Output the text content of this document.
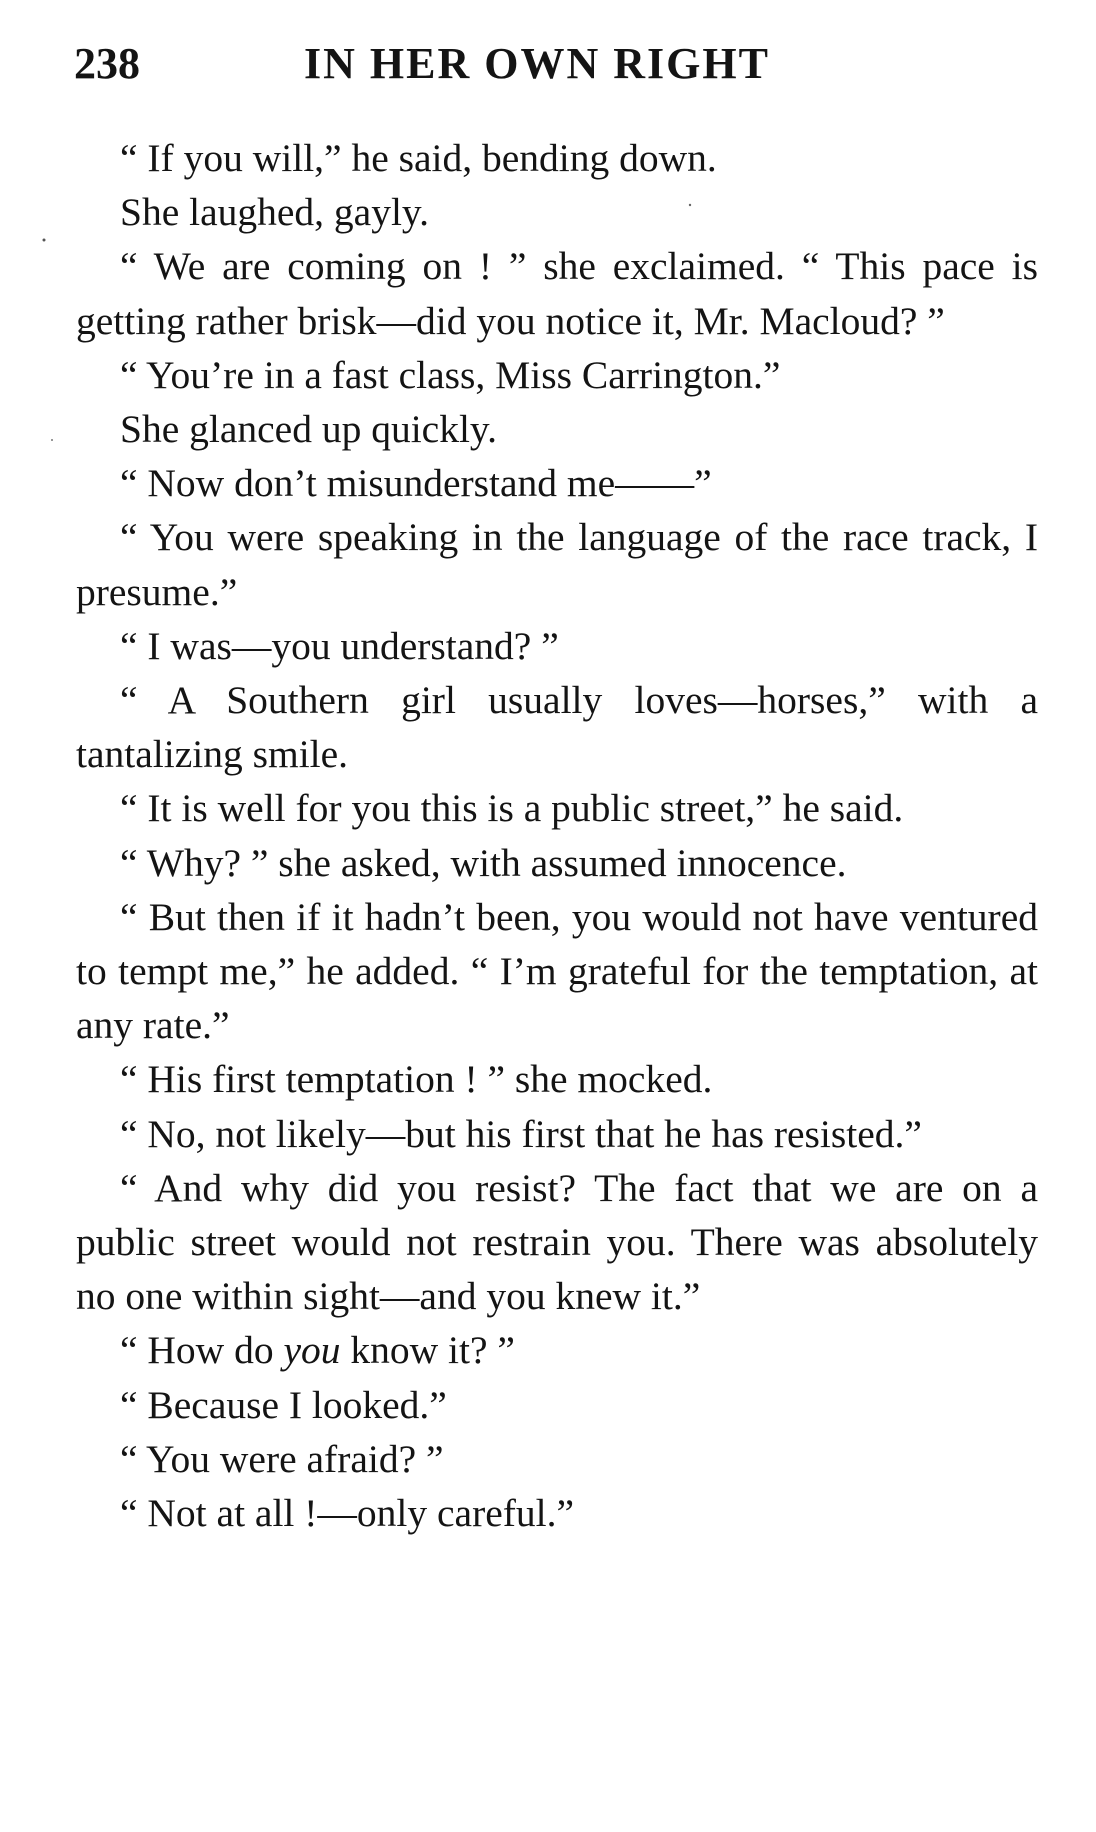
238	IN HER OWN RIGHT

“ If you will,” he said, bending down.

She laughed, gayly.

“ We are coming on ! ” she exclaimed. “ This pace is getting rather brisk—did you notice it, Mr. Macloud? ”

“ You’re in a fast class, Miss Carrington.”

She glanced up quickly.

“ Now don’t misunderstand me——”

“ You were speaking in the language of the race track, I presume.”

“ I was—you understand? ”

“ A Southern girl usually loves—horses,” with a tantalizing smile.

“ It is well for you this is a public street,” he said.

“ Why? ” she asked, with assumed innocence.

“ But then if it hadn’t been, you would not have ventured to tempt me,” he added. “ I’m grateful for the temptation, at any rate.”

“ His first temptation ! ” she mocked.

“ No, not likely—but his first that he has resisted.”

“ And why did you resist? The fact that we are on a public street would not restrain you. There was absolutely no one within sight—and you knew it.”

“ How do you know it? ”

“ Because I looked.”

“ You were afraid? ”

“ Not at all !—only careful.”
